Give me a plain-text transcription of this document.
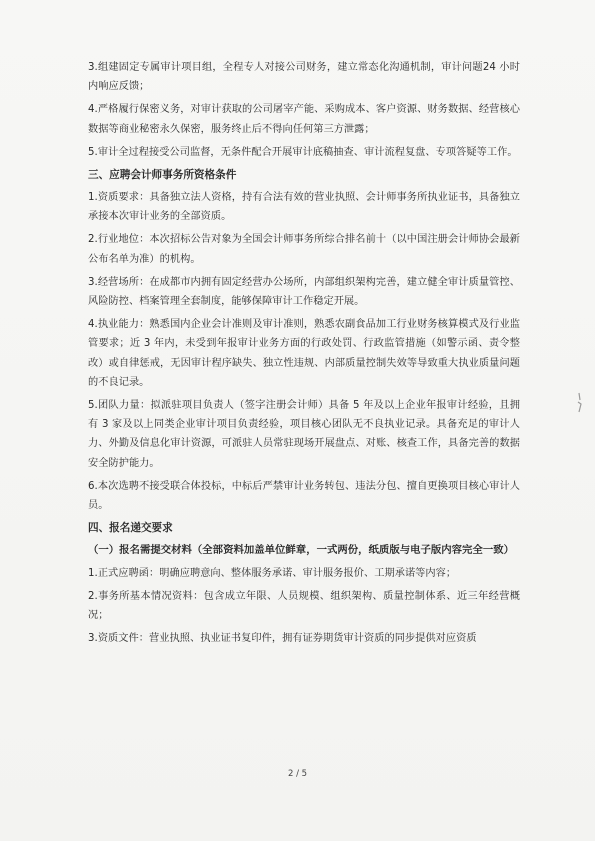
3.组建固定专属审计项目组，全程专人对接公司财务，建立常态化沟通机制，审计问题24 小时内响应反馈；

4.严格履行保密义务，对审计获取的公司屠宰产能、采购成本、客户资源、财务数据、经营核心数据等商业秘密永久保密，服务终止后不得向任何第三方泄露；

5.审计全过程接受公司监督，无条件配合开展审计底稿抽查、审计流程复盘、专项答疑等工作。

三、应聘会计师事务所资格条件

1.资质要求：具备独立法人资格，持有合法有效的营业执照、会计师事务所执业证书，具备独立承接本次审计业务的全部资质。

2.行业地位：本次招标公告对象为全国会计师事务所综合排名前十（以中国注册会计师协会最新公布名单为准）的机构。

3.经营场所：在成都市内拥有固定经营办公场所，内部组织架构完善，建立健全审计质量管控、风险防控、档案管理全套制度，能够保障审计工作稳定开展。

4.执业能力：熟悉国内企业会计准则及审计准则，熟悉农副食品加工行业财务核算模式及行业监管要求；近 3 年内，未受到年报审计业务方面的行政处罚、行政监管措施（如警示函、责令整改）或自律惩戒，无因审计程序缺失、独立性违规、内部质量控制失效等导致重大执业质量问题的不良记录。

5.团队力量：拟派驻项目负责人（签字注册会计师）具备 5 年及以上企业年报审计经验，且拥有 3 家及以上同类企业审计项目负责经验，项目核心团队无不良执业记录。具备充足的审计人力、外勤及信息化审计资源，可派驻人员常驻现场开展盘点、对账、核查工作，具备完善的数据安全防护能力。

6.本次选聘不接受联合体投标，中标后严禁审计业务转包、违法分包、擅自更换项目核心审计人员。

四、报名递交要求
（一）报名需提交材料（全部资料加盖单位鲜章，一式两份，纸质版与电子版内容完全一致）

1.正式应聘函：明确应聘意向、整体服务承诺、审计服务报价、工期承诺等内容；

2.事务所基本情况资料：包含成立年限、人员规模、组织架构、质量控制体系、近三年经营概况；

3.资质文件：营业执照、执业证书复印件，拥有证券期货审计资质的同步提供对应资质

2 / 5
